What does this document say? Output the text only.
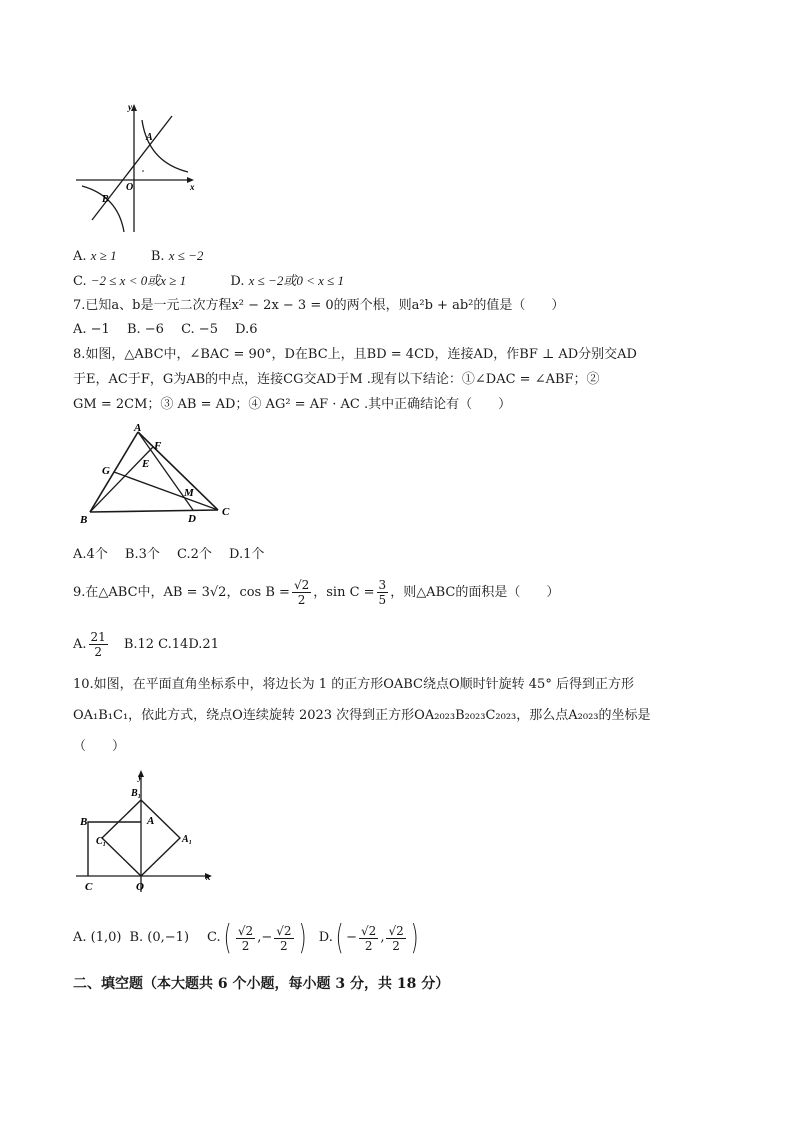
y
x
O
A
B
A. x ≥ 1	B. x ≤ −2
C. −2 ≤ x < 0或x ≥ 1	D. x ≤ −2或0 < x ≤ 1
7.已知a、b是一元二次方程x² − 2x − 3 = 0的两个根，则a²b + ab²的值是（　　）
A. −1　 B. −6　 C. −5　 D.6
8.如图，△ABC中，∠BAC = 90°，D在BC上，且BD = 4CD，连接AD，作BF ⊥ AD分别交AD
于E，AC于F，G为AB的中点，连接CG交AD于M .现有以下结论：①∠DAC = ∠ABF；②
GM = 2CM；③ AB = AD；④ AG² = AF · AC .其中正确结论有（　　）
A
B
C
D
E
F
G
M
A.4个　 B.3个　 C.2个　 D.1个
9.在△ABC中，AB = 3√2，$\cos B = \frac{√2}{2}$ ，$\sin C = \frac{3}{5}$ ，则△ABC的面积是（　　）
A. $\frac{21}{2} B.12$ C.14D.21
10.如图，在平面直角坐标系中，将边长为 1 的正方形OABC绕点O顺时针旋转 45° 后得到正方形
OA₁B₁C₁，依此方式，绕点O连续旋转 2023 次得到正方形OA₂₀₂₃B₂₀₂₃C₂₀₂₃，那么点A₂₀₂₃的坐标是
（　　）
y
x
O
A
B
C
A₁
B₁
C₁
A. (1,0) B. (0,−1) C. ( $\frac{√2}{2}$ ,− $\frac{√2}{2}$ ) D. ( − $\frac{√2}{2}$ , $\frac{√2}{2}$ )
二、填空题（本大题共 6 个小题，每小题 3 分，共 18 分）
